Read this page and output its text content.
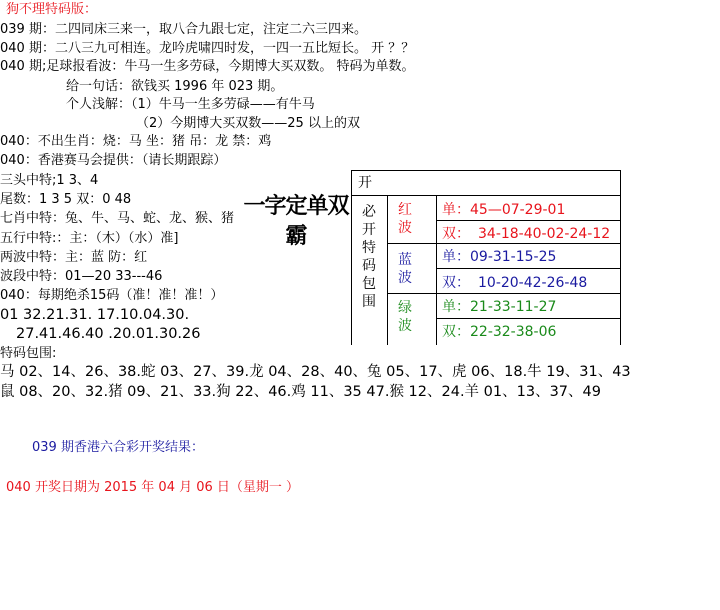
狗不理特码版：
039 期：二四同床三来一，取八合九跟七定，注定二六三四来。
040 期：二八三九可相连。龙吟虎啸四时发，一四一五比短长。 开 ？？
040 期;足球报看波：牛马一生多劳碌，今期博大买双数。 特码为单数。
给一句话：欲钱买 1996 年 023 期。
个人浅解：（1）牛马一生多劳碌——有牛马
（2）今期博大买双数——25 以上的双
040：不出生肖：烧：马 坐：猪 吊：龙 禁：鸡
040：香港赛马会提供：（请长期跟踪）
三头中特;1 3、4
尾数：1 3 5 双：0 48
七肖中特：兔、牛、马、蛇、龙、猴、猪
五行中特:：主：（木）（水）准]
两波中特：主：蓝 防：红
波段中特：01—20 33---46
040：每期绝杀15码（准！准！准！）
01 32.21.31. 17.10.04.30.
27.41.46.40 .20.01.30.26
特码包围:
马 02、14、26、38.蛇 03、27、39.龙 04、28、40、兔 05、17、虎 06、18.牛 19、31、43
鼠 08、20、32.猪 09、21、33.狗 22、46.鸡 11、35 47.猴 12、24.羊 01、13、37、49
039 期香港六合彩开奖结果：
040 开奖日期为 2015 年 04 月 06 日（星期一 ）
一字定单双霸
开
必开特码包围
红波
蓝波
绿波
单：45—07-29-01
双： 34-18-40-02-24-12
单：09-31-15-25
双： 10-20-42-26-48
单：21-33-11-27
双：22-32-38-06
